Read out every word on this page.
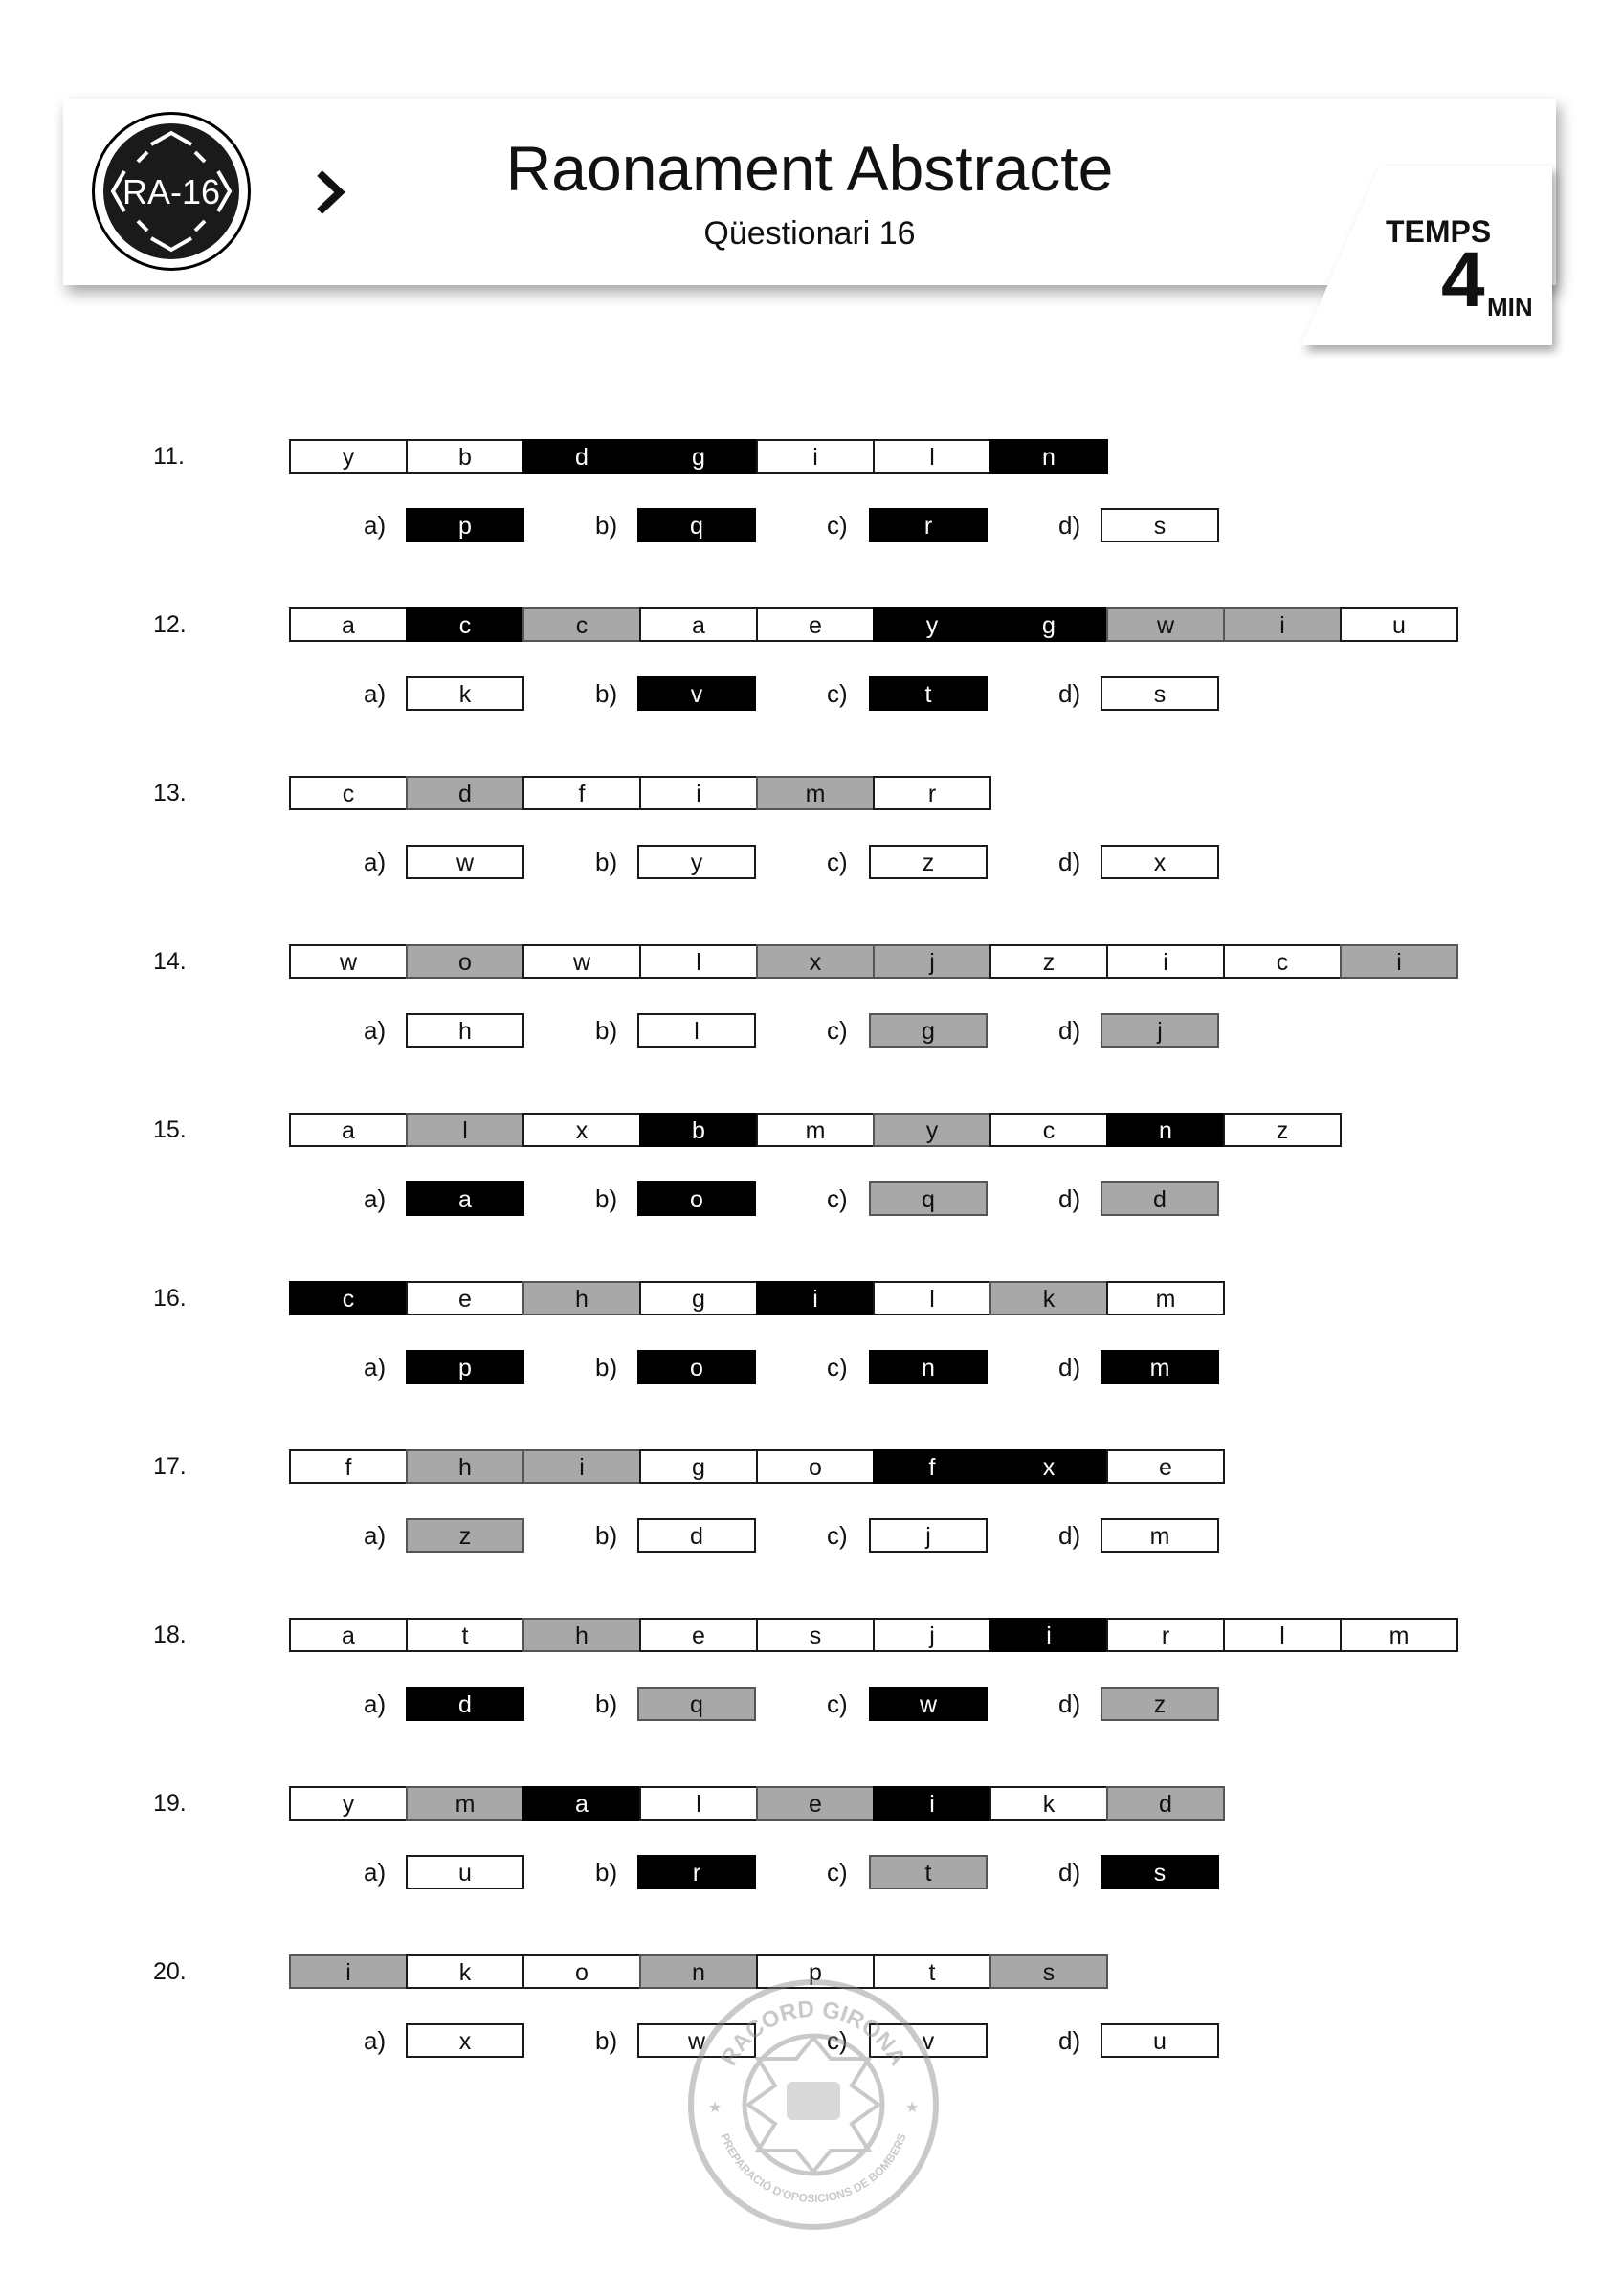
RA-16	Raonament Abstracte
Qüestionari 16	TEMPS
4 MIN
11.	y	b	d	g	i	l	n
a)	p	b)	q	c)	r	d)	s
12.	a	c	c	a	e	y	g	w	i	u
a)	k	b)	v	c)	t	d)	s
13.	c	d	f	i	m	r
a)	w	b)	y	c)	z	d)	x
14.	w	o	w	l	x	j	z	i	c	i
a)	h	b)	l	c)	g	d)	j
15.	a	l	x	b	m	y	c	n	z
a)	a	b)	o	c)	q	d)	d
16.	c	e	h	g	i	l	k	m
a)	p	b)	o	c)	n	d)	m
17.	f	h	i	g	o	f	x	e
a)	z	b)	d	c)	j	d)	m
18.	a	t	h	e	s	j	i	r	l	m
a)	d	b)	q	c)	w	d)	z
19.	y	m	a	l	e	i	k	d
a)	u	b)	r	c)	t	d)	s
20.	i	k	o	n	p	t	s
a)	x	b)	w	c)	v	d)	u
RACORD GIRONA
PREPARACIÓ D'OPOSICIONS DE BOMBERS
★	★
